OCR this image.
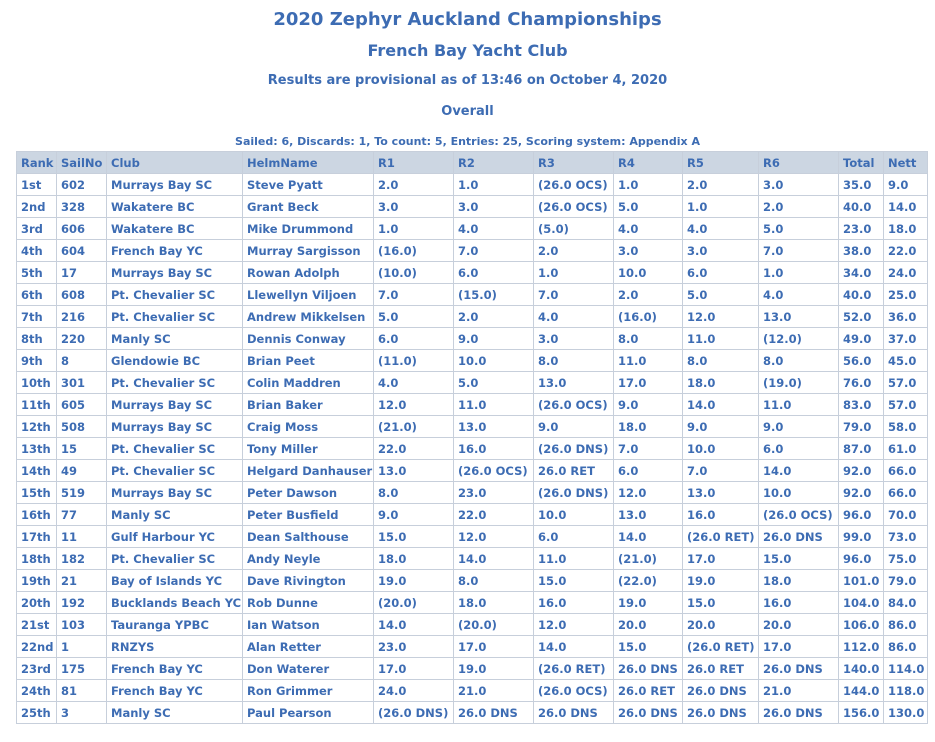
2020 Zephyr Auckland Championships
French Bay Yacht Club
Results are provisional as of 13:46 on October 4, 2020
Overall
Sailed: 6, Discards: 1, To count: 5, Entries: 25, Scoring system: Appendix A
Rank	SailNo	Club	HelmName	R1	R2	R3	R4	R5	R6	Total	Nett
1st	602	Murrays Bay SC	Steve Pyatt	2.0	1.0	(26.0 OCS)	1.0	2.0	3.0	35.0	9.0
2nd	328	Wakatere BC	Grant Beck	3.0	3.0	(26.0 OCS)	5.0	1.0	2.0	40.0	14.0
3rd	606	Wakatere BC	Mike Drummond	1.0	4.0	(5.0)	4.0	4.0	5.0	23.0	18.0
4th	604	French Bay YC	Murray Sargisson	(16.0)	7.0	2.0	3.0	3.0	7.0	38.0	22.0
5th	17	Murrays Bay SC	Rowan Adolph	(10.0)	6.0	1.0	10.0	6.0	1.0	34.0	24.0
6th	608	Pt. Chevalier SC	Llewellyn Viljoen	7.0	(15.0)	7.0	2.0	5.0	4.0	40.0	25.0
7th	216	Pt. Chevalier SC	Andrew Mikkelsen	5.0	2.0	4.0	(16.0)	12.0	13.0	52.0	36.0
8th	220	Manly SC	Dennis Conway	6.0	9.0	3.0	8.0	11.0	(12.0)	49.0	37.0
9th	8	Glendowie BC	Brian Peet	(11.0)	10.0	8.0	11.0	8.0	8.0	56.0	45.0
10th	301	Pt. Chevalier SC	Colin Maddren	4.0	5.0	13.0	17.0	18.0	(19.0)	76.0	57.0
11th	605	Murrays Bay SC	Brian Baker	12.0	11.0	(26.0 OCS)	9.0	14.0	11.0	83.0	57.0
12th	508	Murrays Bay SC	Craig Moss	(21.0)	13.0	9.0	18.0	9.0	9.0	79.0	58.0
13th	15	Pt. Chevalier SC	Tony Miller	22.0	16.0	(26.0 DNS)	7.0	10.0	6.0	87.0	61.0
14th	49	Pt. Chevalier SC	Helgard Danhauser	13.0	(26.0 OCS)	26.0 RET	6.0	7.0	14.0	92.0	66.0
15th	519	Murrays Bay SC	Peter Dawson	8.0	23.0	(26.0 DNS)	12.0	13.0	10.0	92.0	66.0
16th	77	Manly SC	Peter Busfield	9.0	22.0	10.0	13.0	16.0	(26.0 OCS)	96.0	70.0
17th	11	Gulf Harbour YC	Dean Salthouse	15.0	12.0	6.0	14.0	(26.0 RET)	26.0 DNS	99.0	73.0
18th	182	Pt. Chevalier SC	Andy Neyle	18.0	14.0	11.0	(21.0)	17.0	15.0	96.0	75.0
19th	21	Bay of Islands YC	Dave Rivington	19.0	8.0	15.0	(22.0)	19.0	18.0	101.0	79.0
20th	192	Bucklands Beach YC	Rob Dunne	(20.0)	18.0	16.0	19.0	15.0	16.0	104.0	84.0
21st	103	Tauranga YPBC	Ian Watson	14.0	(20.0)	12.0	20.0	20.0	20.0	106.0	86.0
22nd	1	RNZYS	Alan Retter	23.0	17.0	14.0	15.0	(26.0 RET)	17.0	112.0	86.0
23rd	175	French Bay YC	Don Waterer	17.0	19.0	(26.0 RET)	26.0 DNS	26.0 RET	26.0 DNS	140.0	114.0
24th	81	French Bay YC	Ron Grimmer	24.0	21.0	(26.0 OCS)	26.0 RET	26.0 DNS	21.0	144.0	118.0
25th	3	Manly SC	Paul Pearson	(26.0 DNS)	26.0 DNS	26.0 DNS	26.0 DNS	26.0 DNS	26.0 DNS	156.0	130.0
